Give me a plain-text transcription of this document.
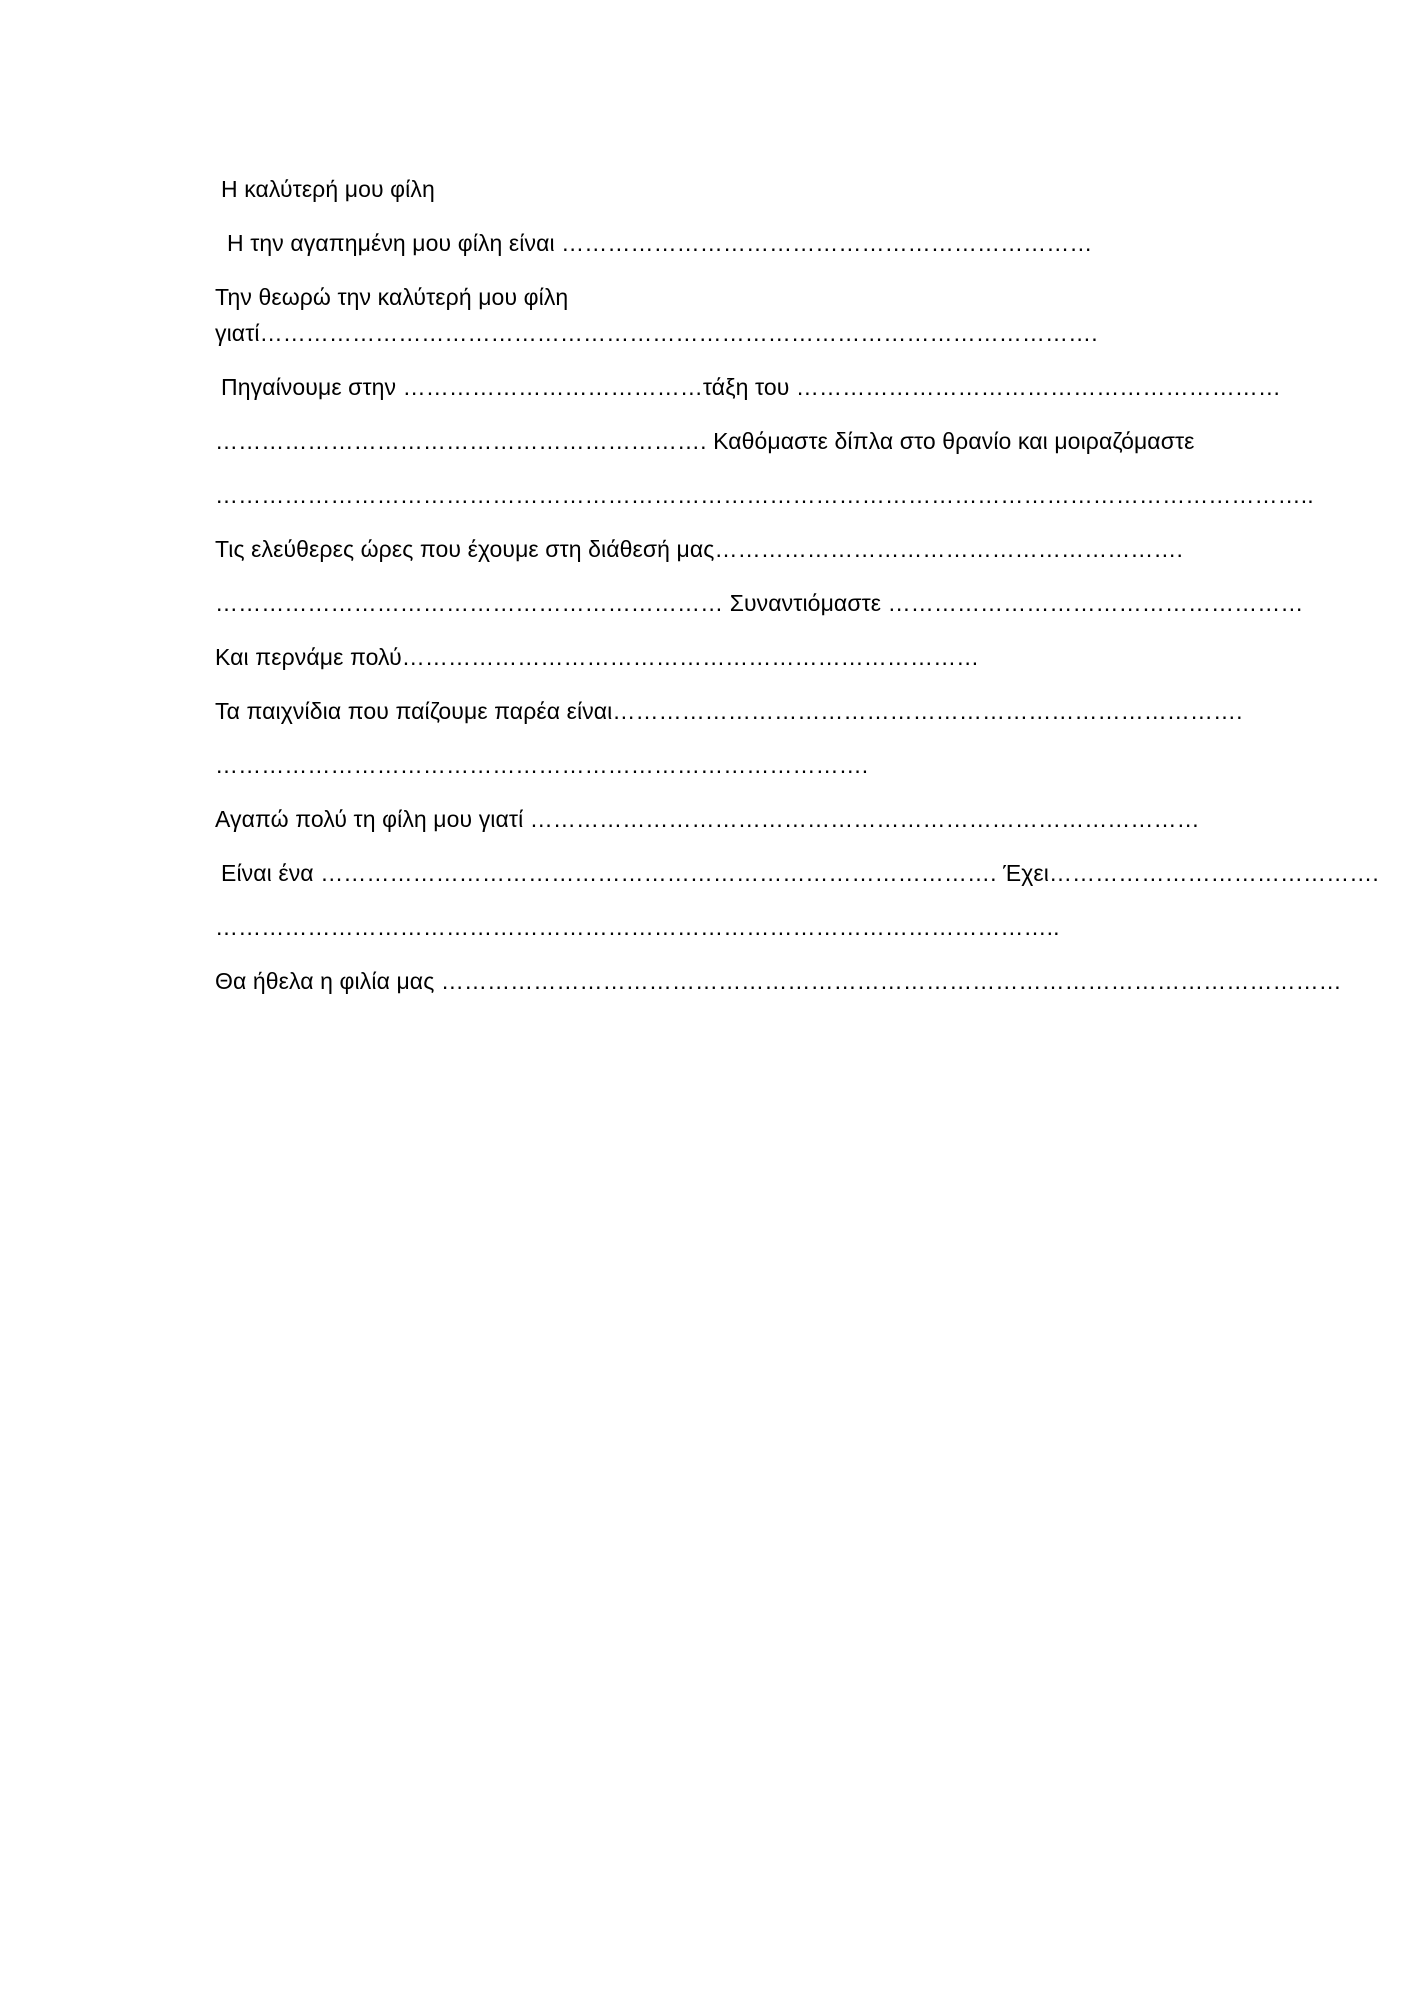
Η καλύτερή μου φίλη

Η την αγαπημένη μου φίλη είναι ……………………………………………………………

Την θεωρώ την καλύτερή μου φίλη

γιατί……………………………………………………………………………………………….

Πηγαίνουμε στην …………………………………τάξη του ………………………………………………………

………………………………………………………. Καθόμαστε δίπλα στο θρανίο και μοιραζόμαστε

……………………………………………………………………………………………………………………………..

Τις ελεύθερες ώρες που έχουμε στη διάθεσή μας…………………………………………………….

………………………………………………………… Συναντιόμαστε ………………………………………………

Και περνάμε πολύ…………………………………………………………………

Τα παιχνίδια που παίζουμε παρέα είναι……………………………………………………………………….

………………………………………………………………………….

Αγαπώ πολύ τη φίλη μου γιατί ……………………………………………………………………………

Είναι ένα ……………………………………………………………………………. Έχει…………………………………….

………………………………………………………………………………………………..

Θα ήθελα η φιλία μας ………………………………………………………………………………………………………
